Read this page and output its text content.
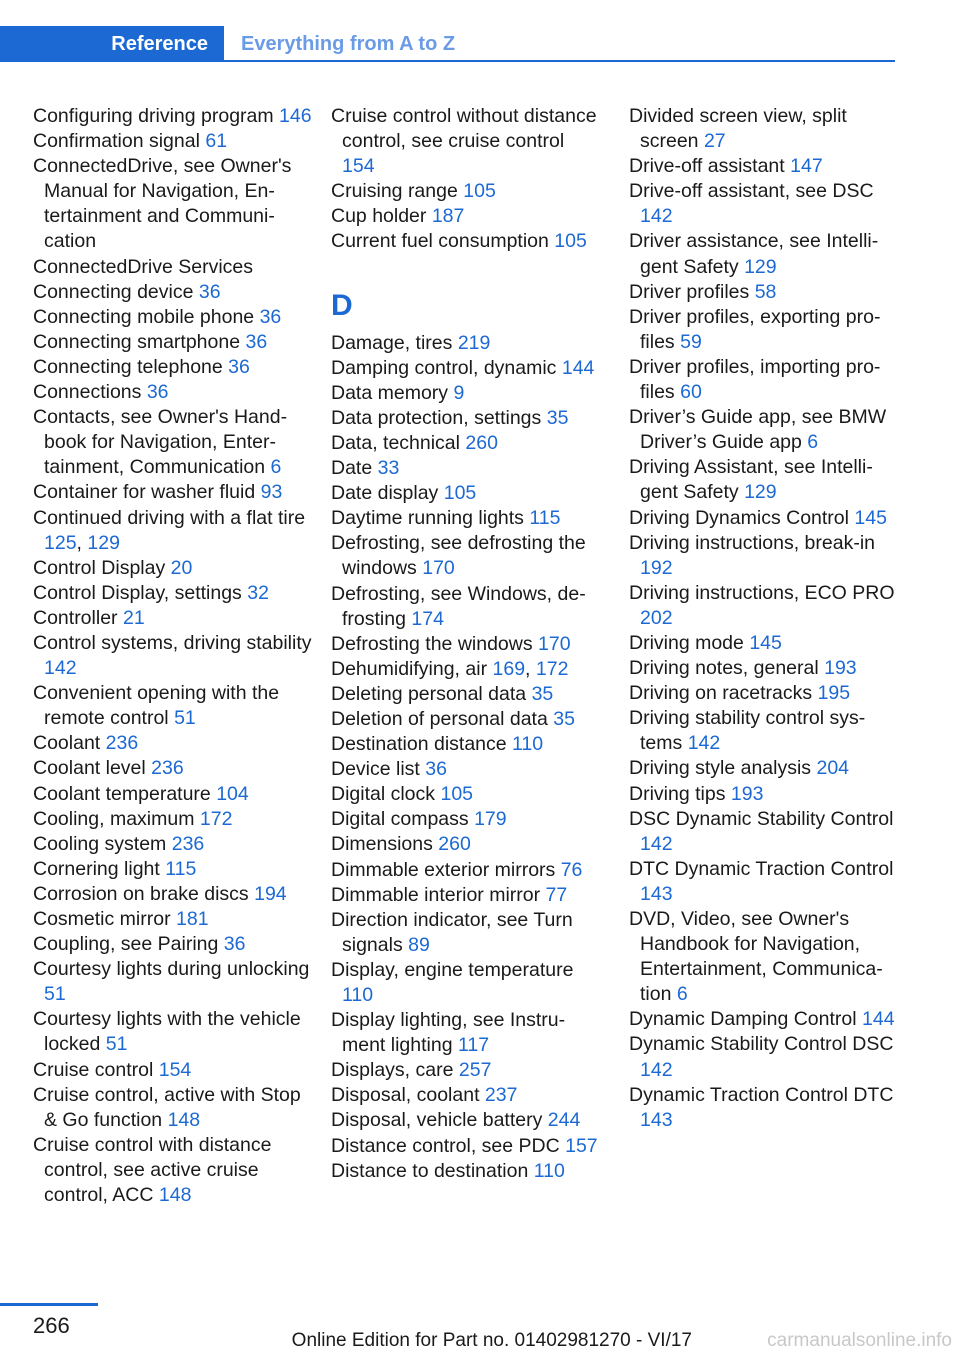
Reference	Everything from A to Z
Configuring driving program 146
Confirmation signal 61
ConnectedDrive, see Owner's Manual for Navigation, Entertainment and Communication
ConnectedDrive Services
Connecting device 36
Connecting mobile phone 36
Connecting smartphone 36
Connecting telephone 36
Connections 36
Contacts, see Owner's Handbook for Navigation, Entertainment, Communication 6
Container for washer fluid 93
Continued driving with a flat tire 125, 129
Control Display 20
Control Display, settings 32
Controller 21
Control systems, driving stability 142
Convenient opening with the remote control 51
Coolant 236
Coolant level 236
Coolant temperature 104
Cooling, maximum 172
Cooling system 236
Cornering light 115
Corrosion on brake discs 194
Cosmetic mirror 181
Coupling, see Pairing 36
Courtesy lights during unlocking 51
Courtesy lights with the vehicle locked 51
Cruise control 154
Cruise control, active with Stop & Go function 148
Cruise control with distance control, see active cruise control, ACC 148
Cruise control without distance control, see cruise control 154
Cruising range 105
Cup holder 187
Current fuel consumption 105
D
Damage, tires 219
Damping control, dynamic 144
Data memory 9
Data protection, settings 35
Data, technical 260
Date 33
Date display 105
Daytime running lights 115
Defrosting, see defrosting the windows 170
Defrosting, see Windows, defrosting 174
Defrosting the windows 170
Dehumidifying, air 169, 172
Deleting personal data 35
Deletion of personal data 35
Destination distance 110
Device list 36
Digital clock 105
Digital compass 179
Dimensions 260
Dimmable exterior mirrors 76
Dimmable interior mirror 77
Direction indicator, see Turn signals 89
Display, engine temperature 110
Display lighting, see Instrument lighting 117
Displays, care 257
Disposal, coolant 237
Disposal, vehicle battery 244
Distance control, see PDC 157
Distance to destination 110
Divided screen view, split screen 27
Drive-off assistant 147
Drive-off assistant, see DSC 142
Driver assistance, see Intelligent Safety 129
Driver profiles 58
Driver profiles, exporting profiles 59
Driver profiles, importing profiles 60
Driver’s Guide app, see BMW Driver’s Guide app 6
Driving Assistant, see Intelligent Safety 129
Driving Dynamics Control 145
Driving instructions, break-in 192
Driving instructions, ECO PRO 202
Driving mode 145
Driving notes, general 193
Driving on racetracks 195
Driving stability control systems 142
Driving style analysis 204
Driving tips 193
DSC Dynamic Stability Control 142
DTC Dynamic Traction Control 143
DVD, Video, see Owner's Handbook for Navigation, Entertainment, Communication 6
Dynamic Damping Control 144
Dynamic Stability Control DSC 142
Dynamic Traction Control DTC 143
266
Online Edition for Part no. 01402981270 - VI/17	carmanualsonline.info
